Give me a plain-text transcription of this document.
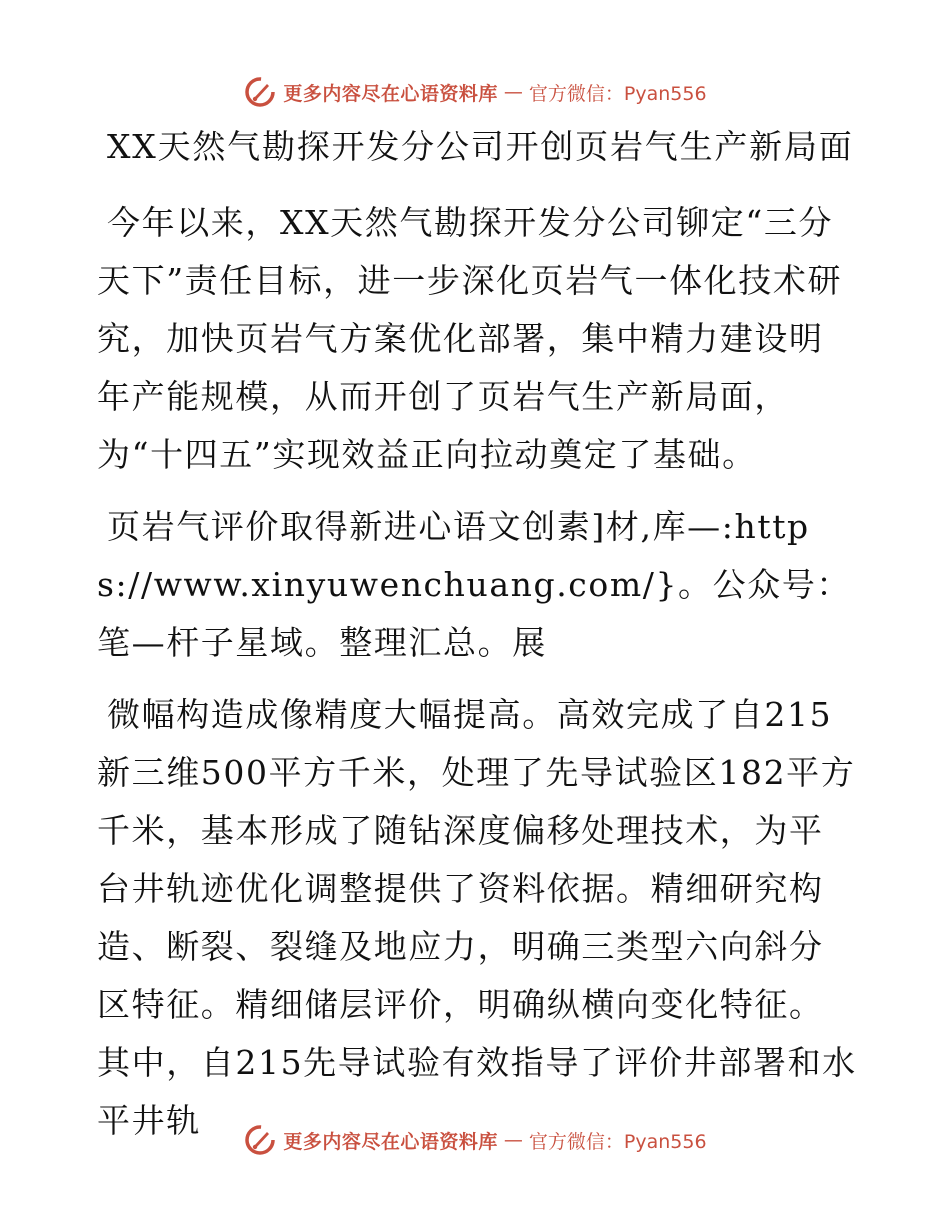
更多内容尽在心语资料库 — 官方微信：Pyan556
XX天然气勘探开发分公司开创页岩气生产新局面

今年以来，XX天然气勘探开发分公司铆定“三分天下”责任目标，进一步深化页岩气一体化技术研究，加快页岩气方案优化部署，集中精力建设明年产能规模，从而开创了页岩气生产新局面，为“十四五”实现效益正向拉动奠定了基础。

页岩气评价取得新进心语文创素]材,库—:https://www.xinyuwenchuang.com/}。公众号：笔—杆子星域。整理汇总。展

微幅构造成像精度大幅提高。高效完成了自215新三维500平方千米，处理了先导试验区182平方千米，基本形成了随钻深度偏移处理技术，为平台井轨迹优化调整提供了资料依据。精细研究构造、断裂、裂缝及地应力，明确三类型六向斜分区特征。精细储层评价，明确纵横向变化特征。其中，自215先导试验有效指导了评价井部署和水平井轨

更多内容尽在心语资料库 — 官方微信：Pyan556
